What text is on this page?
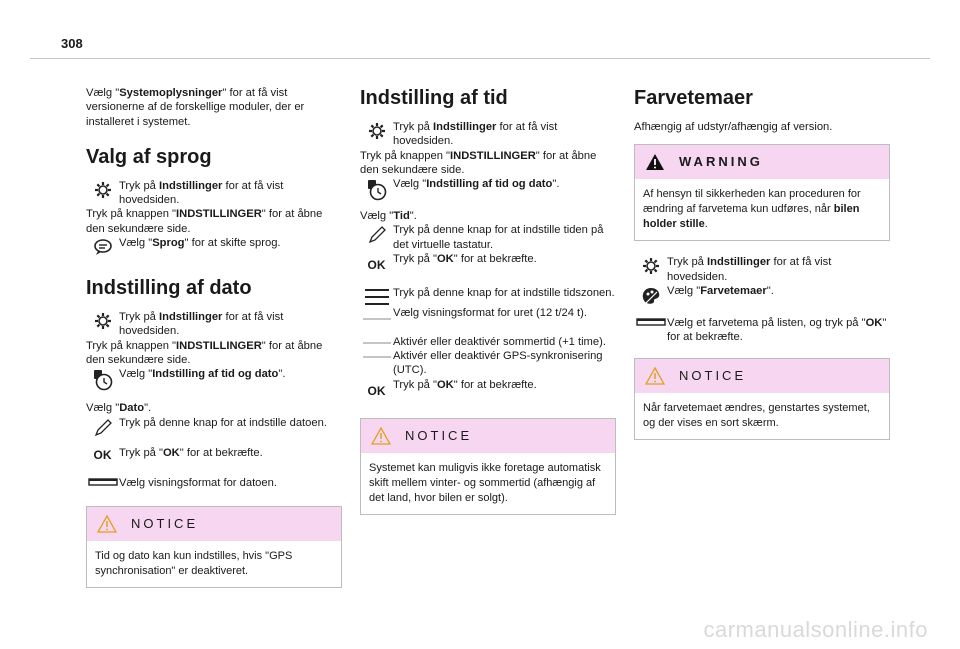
308

Vælg "Systemoplysninger" for at få vist versionerne af de forskellige moduler, der er installeret i systemet.

Valg af sprog

Tryk på Indstillinger for at få vist hovedsiden.

Tryk på knappen "INDSTILLINGER" for at åbne den sekundære side.

Vælg "Sprog" for at skifte sprog.

Indstilling af dato

Tryk på Indstillinger for at få vist hovedsiden.

Tryk på knappen "INDSTILLINGER" for at åbne den sekundære side.

Vælg "Indstilling af tid og dato".

Vælg "Dato".

Tryk på denne knap for at indstille datoen.

OK Tryk på "OK" for at bekræfte.

Vælg visningsformat for datoen.

NOTICE
Tid og dato kan kun indstilles, hvis "GPS synchronisation" er deaktiveret.
Indstilling af tid

Tryk på Indstillinger for at få vist hovedsiden.

Tryk på knappen "INDSTILLINGER" for at åbne den sekundære side.

Vælg "Indstilling af tid og dato".

Vælg "Tid".

Tryk på denne knap for at indstille tiden på det virtuelle tastatur.

OK Tryk på "OK" for at bekræfte.

Tryk på denne knap for at indstille tidszonen.

Vælg visningsformat for uret (12 t/24 t).

Aktivér eller deaktivér sommertid (+1 time).

Aktivér eller deaktivér GPS-synkronisering (UTC).

OK Tryk på "OK" for at bekræfte.

NOTICE
Systemet kan muligvis ikke foretage automatisk skift mellem vinter- og sommertid (afhængig af det land, hvor bilen er solgt).
Farvetemaer

Afhængig af udstyr/afhængig af version.

WARNING
Af hensyn til sikkerheden kan proceduren for ændring af farvetema kun udføres, når bilen holder stille.

Tryk på Indstillinger for at få vist hovedsiden.

Vælg "Farvetemaer".

Vælg et farvetema på listen, og tryk på "OK" for at bekræfte.

NOTICE
Når farvetemaet ændres, genstartes systemet, og der vises en sort skærm.
carmanualsonline.info
